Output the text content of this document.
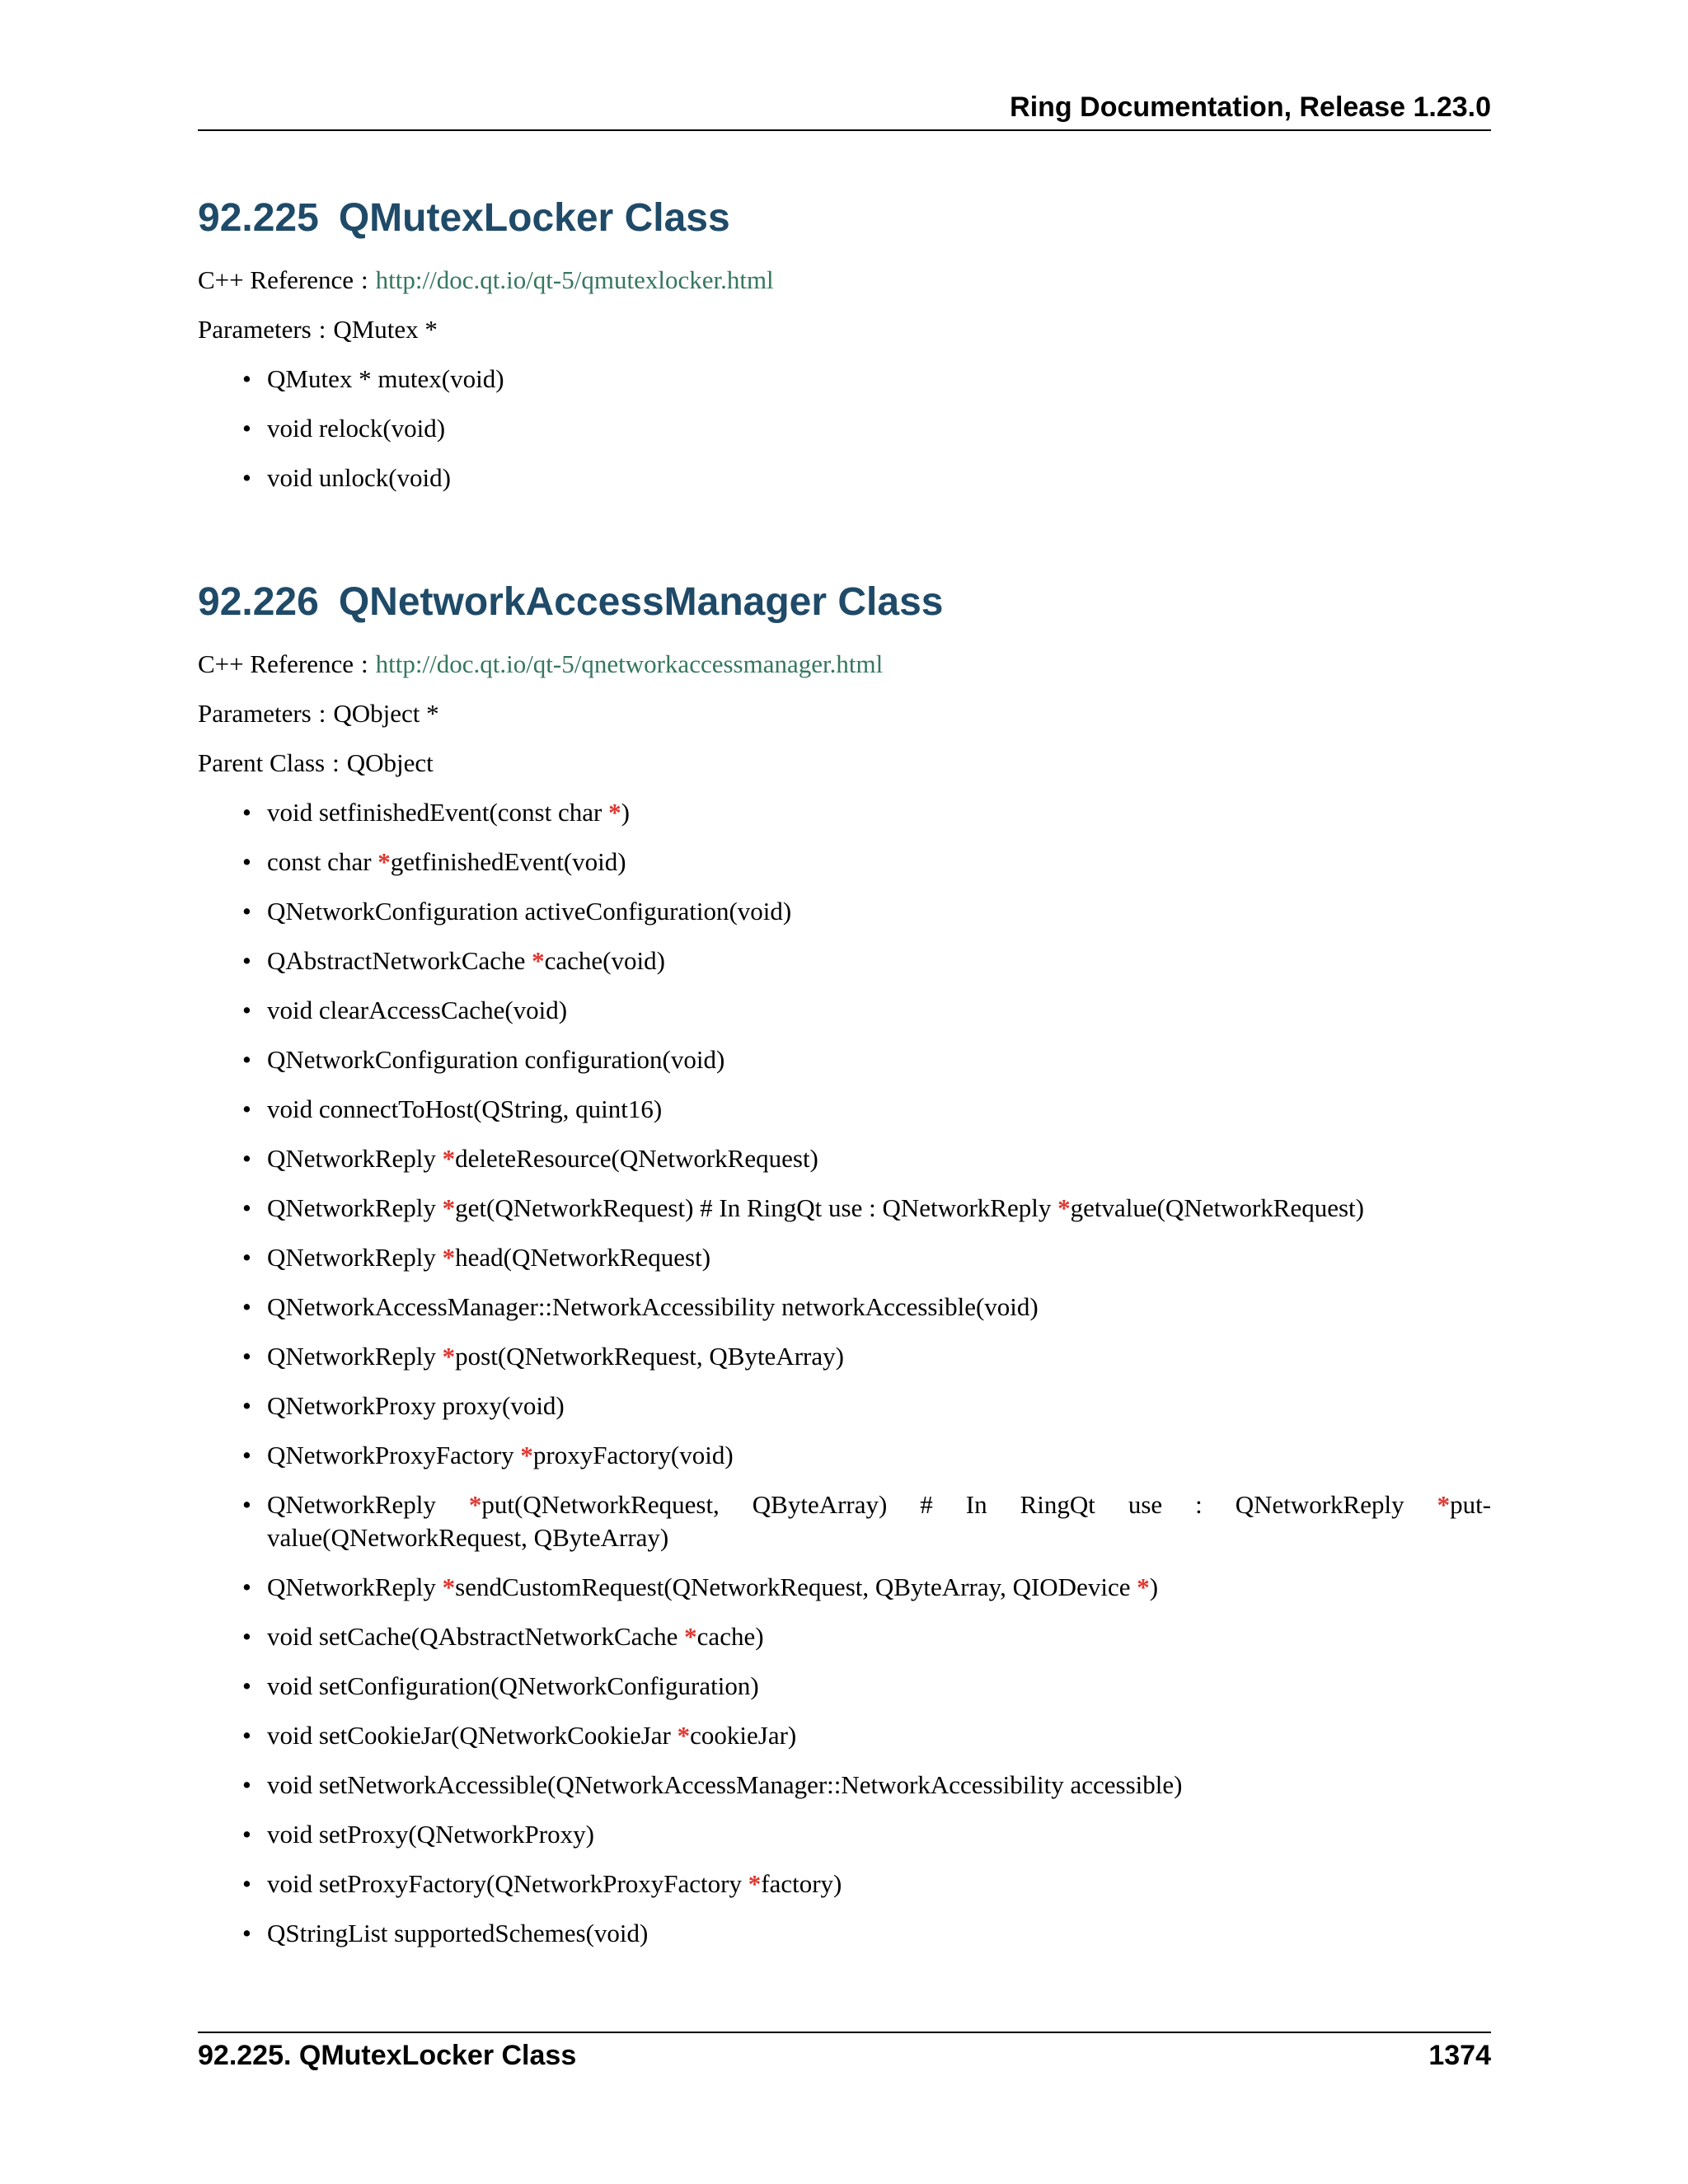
Ring Documentation, Release 1.23.0
92.225 QMutexLocker Class

C++ Reference : http://doc.qt.io/qt-5/qmutexlocker.html

Parameters : QMutex *

• QMutex * mutex(void)
• void relock(void)
• void unlock(void)
92.226 QNetworkAccessManager Class

C++ Reference : http://doc.qt.io/qt-5/qnetworkaccessmanager.html

Parameters : QObject *

Parent Class : QObject

• void setfinishedEvent(const char *)
• const char *getfinishedEvent(void)
• QNetworkConfiguration activeConfiguration(void)
• QAbstractNetworkCache *cache(void)
• void clearAccessCache(void)
• QNetworkConfiguration configuration(void)
• void connectToHost(QString, quint16)
• QNetworkReply *deleteResource(QNetworkRequest)
• QNetworkReply *get(QNetworkRequest) # In RingQt use : QNetworkReply *getvalue(QNetworkRequest)
• QNetworkReply *head(QNetworkRequest)
• QNetworkAccessManager::NetworkAccessibility networkAccessible(void)
• QNetworkReply *post(QNetworkRequest, QByteArray)
• QNetworkProxy proxy(void)
• QNetworkProxyFactory *proxyFactory(void)
• QNetworkReply *put(QNetworkRequest, QByteArray) # In RingQt use : QNetworkReply *put-value(QNetworkRequest, QByteArray)
• QNetworkReply *sendCustomRequest(QNetworkRequest, QByteArray, QIODevice *)
• void setCache(QAbstractNetworkCache *cache)
• void setConfiguration(QNetworkConfiguration)
• void setCookieJar(QNetworkCookieJar *cookieJar)
• void setNetworkAccessible(QNetworkAccessManager::NetworkAccessibility accessible)
• void setProxy(QNetworkProxy)
• void setProxyFactory(QNetworkProxyFactory *factory)
• QStringList supportedSchemes(void)
92.225. QMutexLocker Class	1374
